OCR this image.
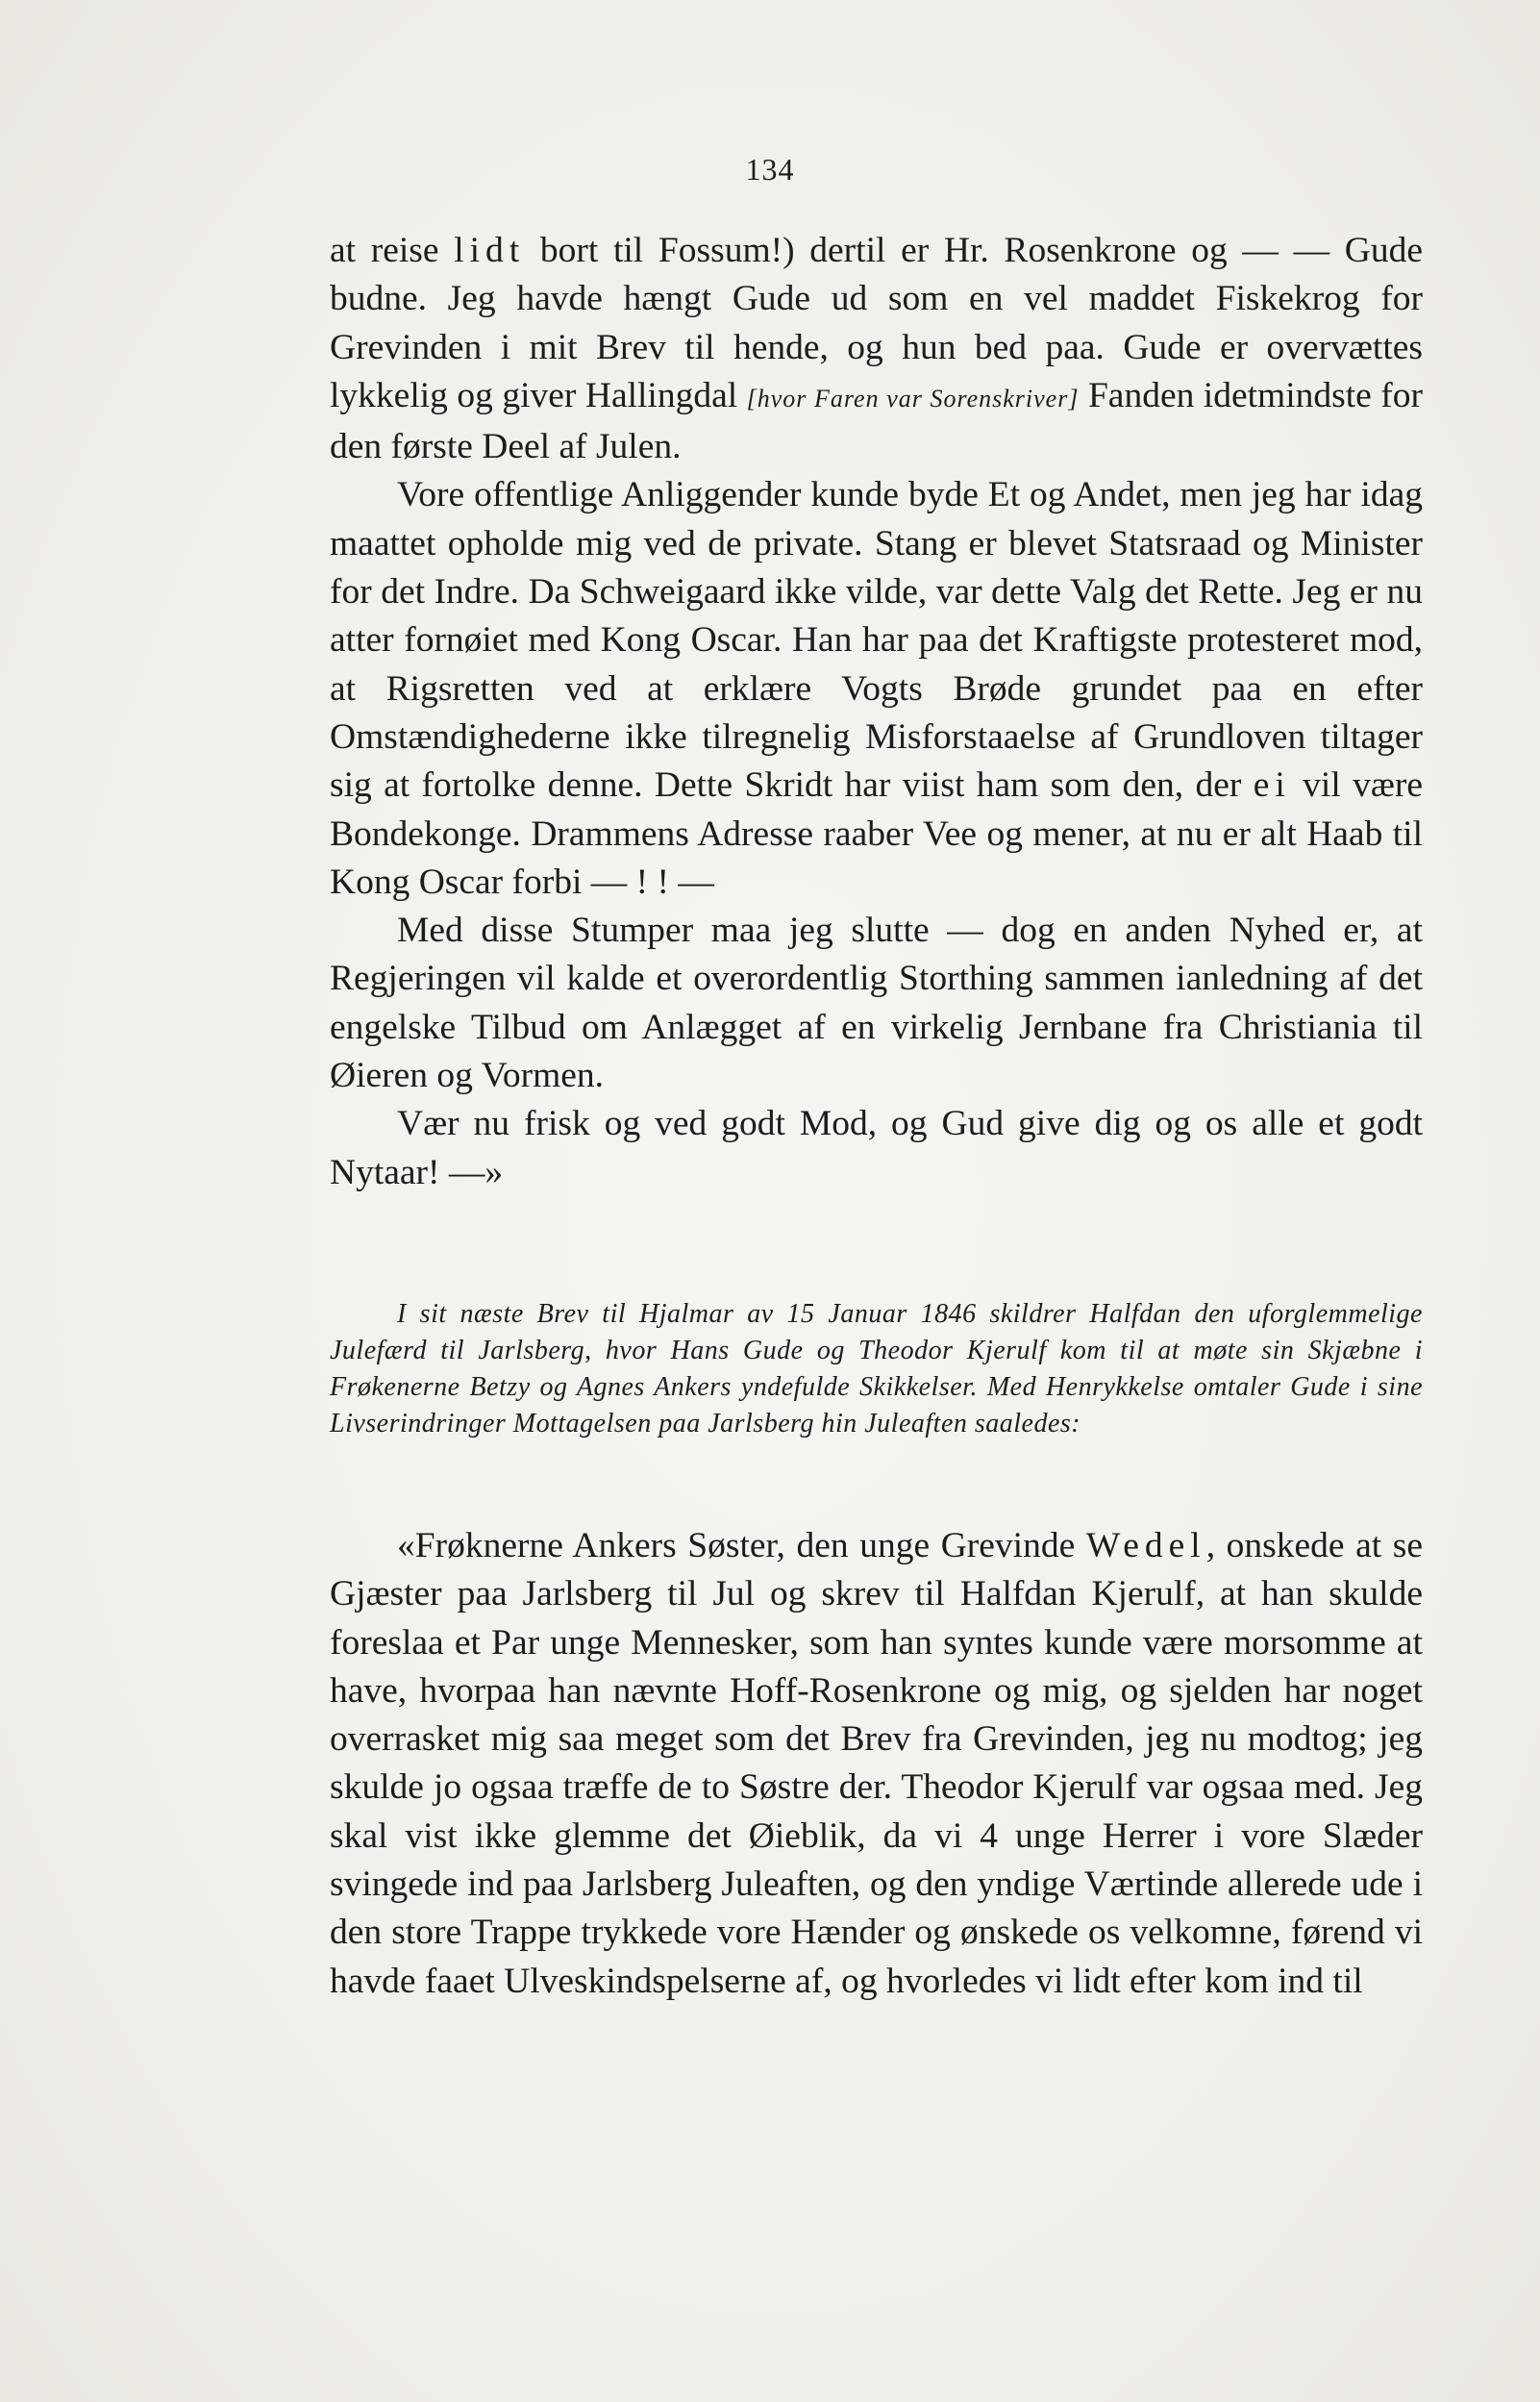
134

at reise lidt bort til Fossum!) dertil er Hr. Rosenkrone og — — Gude budne. Jeg havde hængt Gude ud som en vel maddet Fiskekrog for Grevinden i mit Brev til hende, og hun bed paa. Gude er overvættes lykkelig og giver Hallingdal [hvor Faren var Sorenskriver] Fanden idetmindste for den første Deel af Julen.

Vore offentlige Anliggender kunde byde Et og Andet, men jeg har idag maattet opholde mig ved de private. Stang er blevet Statsraad og Minister for det Indre. Da Schweigaard ikke vilde, var dette Valg det Rette. Jeg er nu atter fornøiet med Kong Oscar. Han har paa det Kraftigste protesteret mod, at Rigsretten ved at erklære Vogts Brøde grundet paa en efter Omstændighederne ikke tilregnelig Misforstaaelse af Grundloven tiltager sig at fortolke denne. Dette Skridt har viist ham som den, der ei vil være Bondekonge. Drammens Adresse raaber Vee og mener, at nu er alt Haab til Kong Oscar forbi — ! ! —

Med disse Stumper maa jeg slutte — dog en anden Nyhed er, at Regjeringen vil kalde et overordentlig Storthing sammen ianledning af det engelske Tilbud om Anlægget af en virkelig Jernbane fra Christiania til Øieren og Vormen.

Vær nu frisk og ved godt Mod, og Gud give dig og os alle et godt Nytaar! —»

I sit næste Brev til Hjalmar av 15 Januar 1846 skildrer Halfdan den uforglemmelige Julefærd til Jarlsberg, hvor Hans Gude og Theodor Kjerulf kom til at møte sin Skjæbne i Frøkenerne Betzy og Agnes Ankers yndefulde Skikkelser. Med Henrykkelse omtaler Gude i sine Livserindringer Mottagelsen paa Jarlsberg hin Juleaften saaledes:

«Frøknerne Ankers Søster, den unge Grevinde Wedel, onskede at se Gjæster paa Jarlsberg til Jul og skrev til Halfdan Kjerulf, at han skulde foreslaa et Par unge Mennesker, som han syntes kunde være morsomme at have, hvorpaa han nævnte Hoff-Rosenkrone og mig, og sjelden har noget overrasket mig saa meget som det Brev fra Grevinden, jeg nu modtog; jeg skulde jo ogsaa træffe de to Søstre der. Theodor Kjerulf var ogsaa med. Jeg skal vist ikke glemme det Øieblik, da vi 4 unge Herrer i vore Slæder svingede ind paa Jarlsberg Juleaften, og den yndige Værtinde allerede ude i den store Trappe trykkede vore Hænder og ønskede os velkomne, førend vi havde faaet Ulveskindspelserne af, og hvorledes vi lidt efter kom ind til
